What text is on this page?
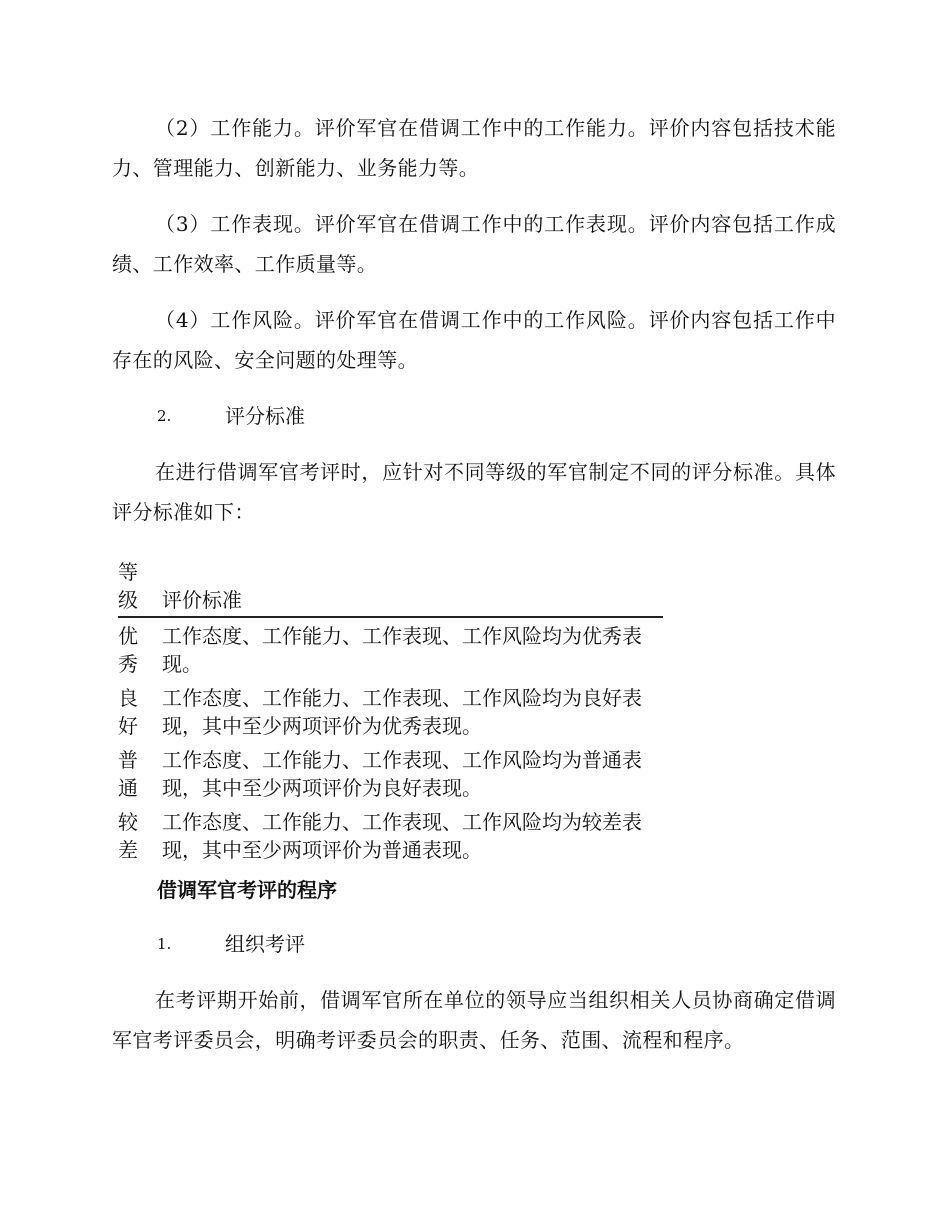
（2）工作能力。评价军官在借调工作中的工作能力。评价内容包括技术能力、管理能力、创新能力、业务能力等。

（3）工作表现。评价军官在借调工作中的工作表现。评价内容包括工作成绩、工作效率、工作质量等。

（4）工作风险。评价军官在借调工作中的工作风险。评价内容包括工作中存在的风险、安全问题的处理等。

2.	评分标准

在进行借调军官考评时，应针对不同等级的军官制定不同的评分标准。具体评分标准如下：

等级	评价标准
优秀	工作态度、工作能力、工作表现、工作风险均为优秀表现。
良好	工作态度、工作能力、工作表现、工作风险均为良好表现，其中至少两项评价为优秀表现。
普通	工作态度、工作能力、工作表现、工作风险均为普通表现，其中至少两项评价为良好表现。
较差	工作态度、工作能力、工作表现、工作风险均为较差表现，其中至少两项评价为普通表现。
借调军官考评的程序
1.	组织考评

在考评期开始前，借调军官所在单位的领导应当组织相关人员协商确定借调军官考评委员会，明确考评委员会的职责、任务、范围、流程和程序。
